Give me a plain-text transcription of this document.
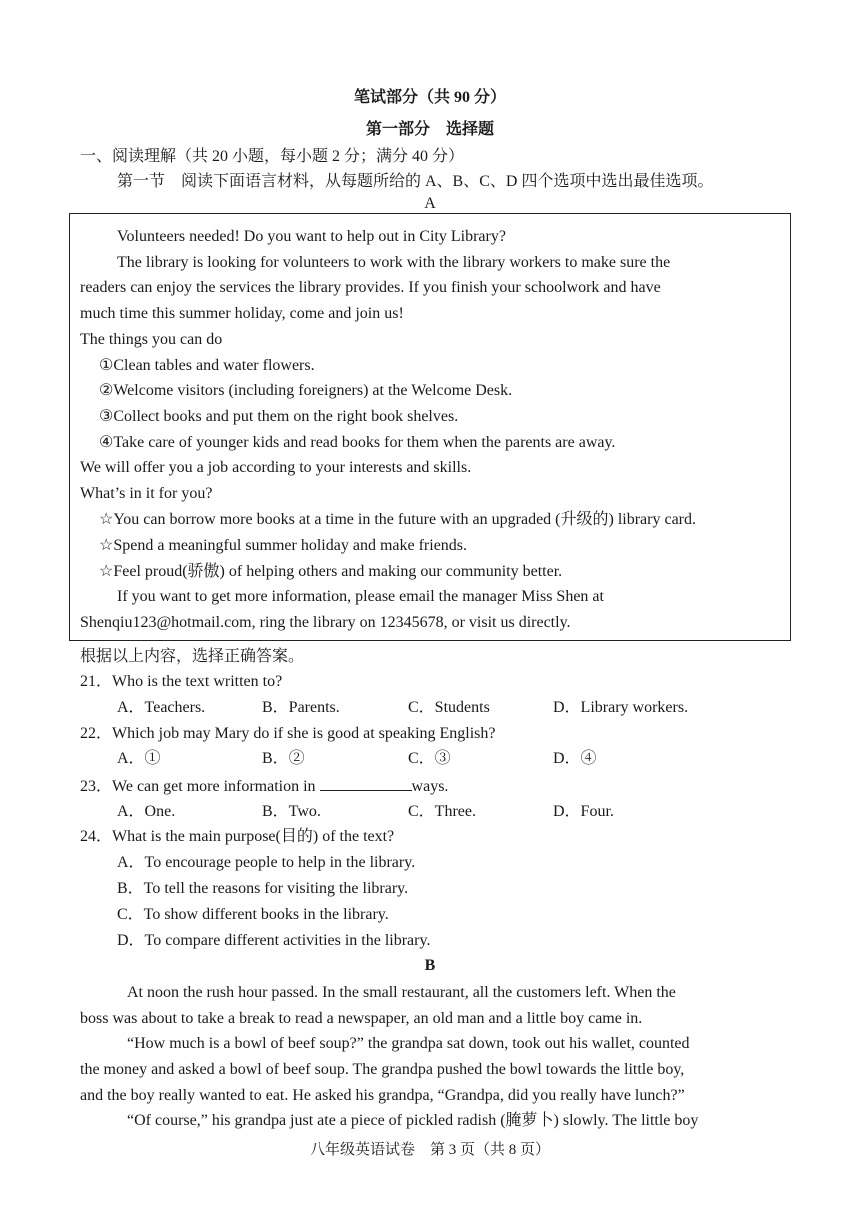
笔试部分（共 90 分）
第一部分　选择题
一、阅读理解（共 20 小题，每小题 2 分；满分 40 分）
第一节　阅读下面语言材料，从每题所给的 A、B、C、D 四个选项中选出最佳选项。
A
Volunteers needed! Do you want to help out in City Library?
The library is looking for volunteers to work with the library workers to make sure the
readers can enjoy the services the library provides. If you finish your schoolwork and have
much time this summer holiday, come and join us!
The things you can do
①Clean tables and water flowers.
②Welcome visitors (including foreigners) at the Welcome Desk.
③Collect books and put them on the right book shelves.
④Take care of younger kids and read books for them when the parents are away.
We will offer you a job according to your interests and skills.
What’s in it for you?
☆You can borrow more books at a time in the future with an upgraded (升级的) library card.
☆Spend a meaningful summer holiday and make friends.
☆Feel proud(骄傲) of helping others and making our community better.
If you want to get more information, please email the manager Miss Shen at
Shenqiu123@hotmail.com, ring the library on 12345678, or visit us directly.
根据以上内容，选择正确答案。
21．Who is the text written to?
A．Teachers.	B．Parents.	C．Students	D．Library workers.
22．Which job may Mary do if she is good at speaking English?
A．①	B．②	C．③	D．④
23．We can get more information in	ways.
A．One.	B．Two.	C．Three.	D．Four.
24．What is the main purpose(目的) of the text?
A．To encourage people to help in the library.
B．To tell the reasons for visiting the library.
C．To show different books in the library.
D．To compare different activities in the library.
B
At noon the rush hour passed. In the small restaurant, all the customers left. When the
boss was about to take a break to read a newspaper, an old man and a little boy came in.
“How much is a bowl of beef soup?” the grandpa sat down, took out his wallet, counted
the money and asked a bowl of beef soup. The grandpa pushed the bowl towards the little boy,
and the boy really wanted to eat. He asked his grandpa, “Grandpa, did you really have lunch?”
“Of course,” his grandpa just ate a piece of pickled radish (腌萝卜) slowly. The little boy
八年级英语试卷　第 3 页（共 8 页）
